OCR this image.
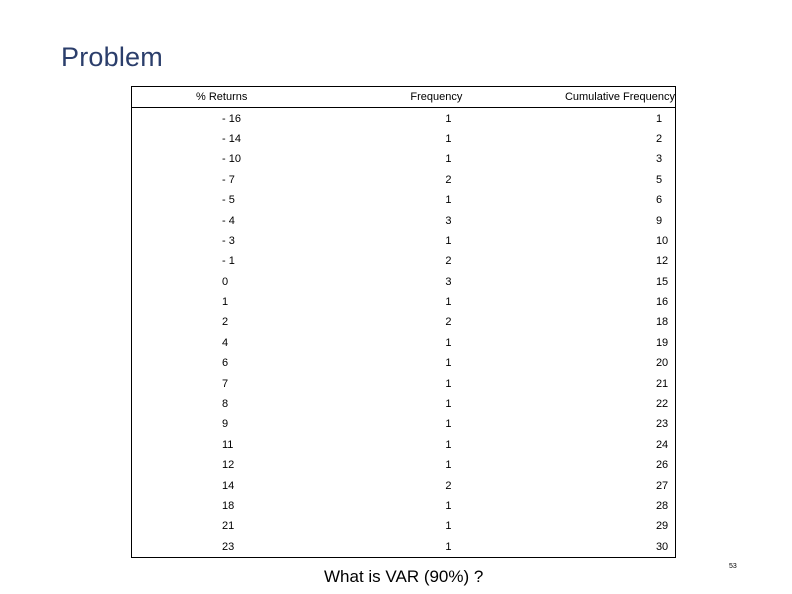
Problem
% Returns	Frequency	Cumulative Frequency
- 16	1	1
- 14	1	2
- 10	1	3
- 7	2	5
- 5	1	6
- 4	3	9
- 3	1	10
- 1	2	12
0	3	15
1	1	16
2	2	18
4	1	19
6	1	20
7	1	21
8	1	22
9	1	23
11	1	24
12	1	26
14	2	27
18	1	28
21	1	29
23	1	30
What is VAR (90%) ?
53
